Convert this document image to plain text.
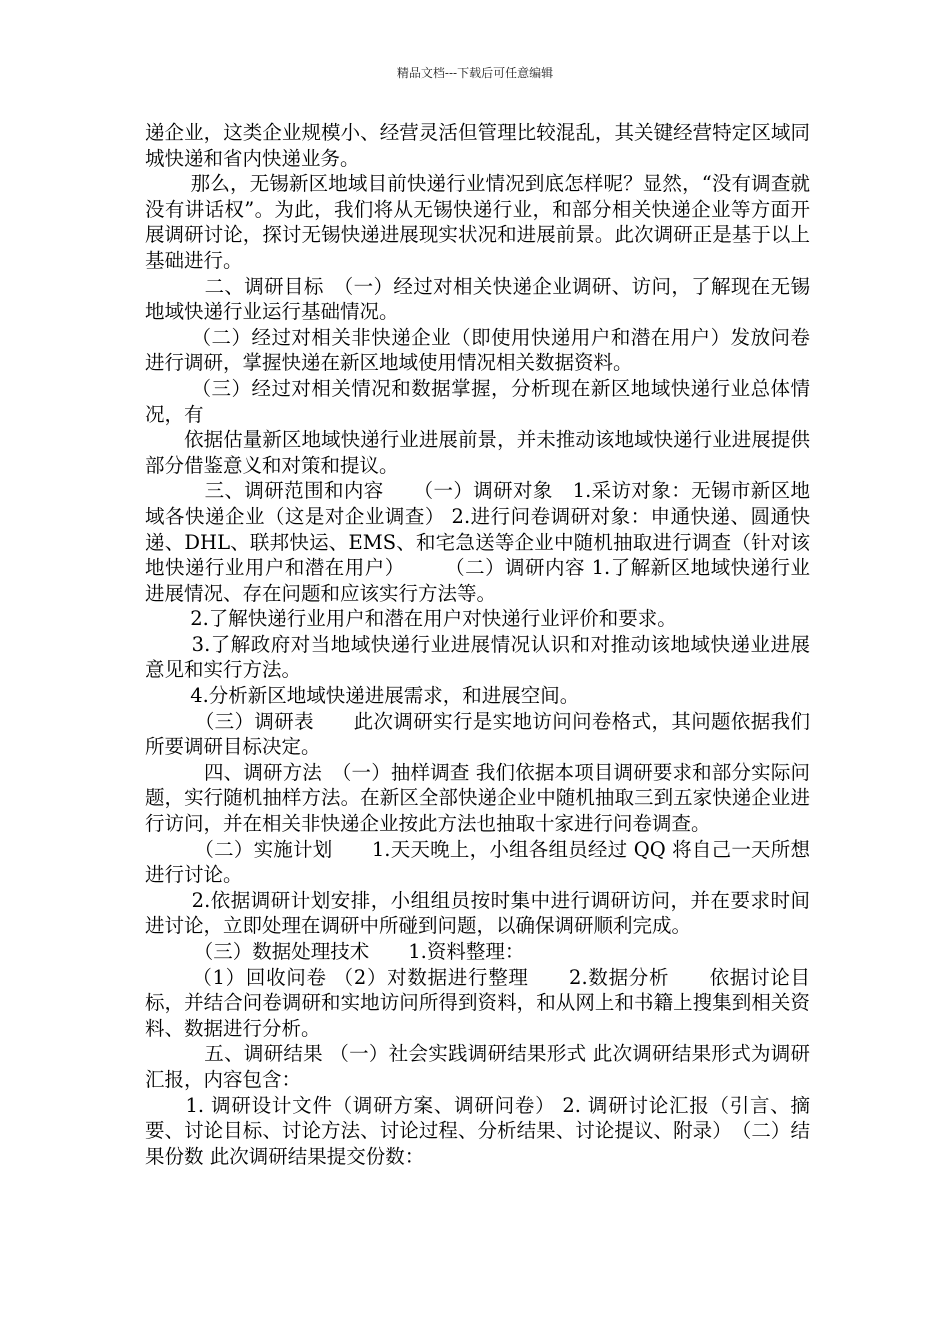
精品文档---下载后可任意编辑

递企业，这类企业规模小、经营灵活但管理比较混乱，其关键经营特定区域同城快递和省内快递业务。

　　 那么，无锡新区地域目前快递行业情况到底怎样呢？显然，“没有调查就没有讲话权”。为此，我们将从无锡快递行业，和部分相关快递企业等方面开展调研讨论，探讨无锡快递进展现实状况和进展前景。此次调研正是基于以上基础进行。

　　　二、调研目标　（一）经过对相关快递企业调研、访问，了解现在无锡地域快递行业运行基础情况。

　　 （二）经过对相关非快递企业（即使用快递用户和潜在用户）发放问卷进行调研，掌握快递在新区地域使用情况相关数据资料。

　　 （三）经过对相关情况和数据掌握，分析现在新区地域快递行业总体情况，有

　　依据估量新区地域快递行业进展前景，并未推动该地域快递行业进展提供部分借鉴意义和对策和提议。

　　　三、调研范围和内容　　（一）调研对象　1.采访对象：无锡市新区地域各快递企业（这是对企业调查） 2.进行问卷调研对象：申通快递、圆通快递、DHL、联邦快运、EMS、和宅急送等企业中随机抽取进行调查（针对该地快递行业用户和潜在用户）　　　（二）调研内容 1.了解新区地域快递行业进展情况、存在问题和应该实行方法等。

　　 2.了解快递行业用户和潜在用户对快递行业评价和要求。

　　 3.了解政府对当地域快递行业进展情况认识和对推动该地域快递业进展意见和实行方法。

　　 4.分析新区地域快递进展需求，和进展空间。

　　　（三）调研表　　此次调研实行是实地访问问卷格式，其问题依据我们所要调研目标决定。

　　　四、调研方法　（一）抽样调查 我们依据本项目调研要求和部分实际问题，实行随机抽样方法。在新区全部快递企业中随机抽取三到五家快递企业进行访问，并在相关非快递企业按此方法也抽取十家进行问卷调查。

　　　（二）实施计划　　1.天天晚上，小组各组员经过 QQ 将自己一天所想进行讨论。

　　 2.依据调研计划安排，小组组员按时集中进行调研访问，并在要求时间进讨论，立即处理在调研中所碰到问题，以确保调研顺利完成。

　　　（三）数据处理技术　　1.资料整理：

　　 （1）回收问卷 （2）对数据进行整理　　2.数据分析　　依据讨论目标，并结合问卷调研和实地访问所得到资料，和从网上和书籍上搜集到相关资料、数据进行分析。

　　　五、调研结果 （一）社会实践调研结果形式 此次调研结果形式为调研汇报，内容包含：

　　1. 调研设计文件（调研方案、调研问卷） 2. 调研讨论汇报（引言、摘要、讨论目标、讨论方法、讨论过程、分析结果、讨论提议、附录）　（二）结果份数 此次调研结果提交份数：
